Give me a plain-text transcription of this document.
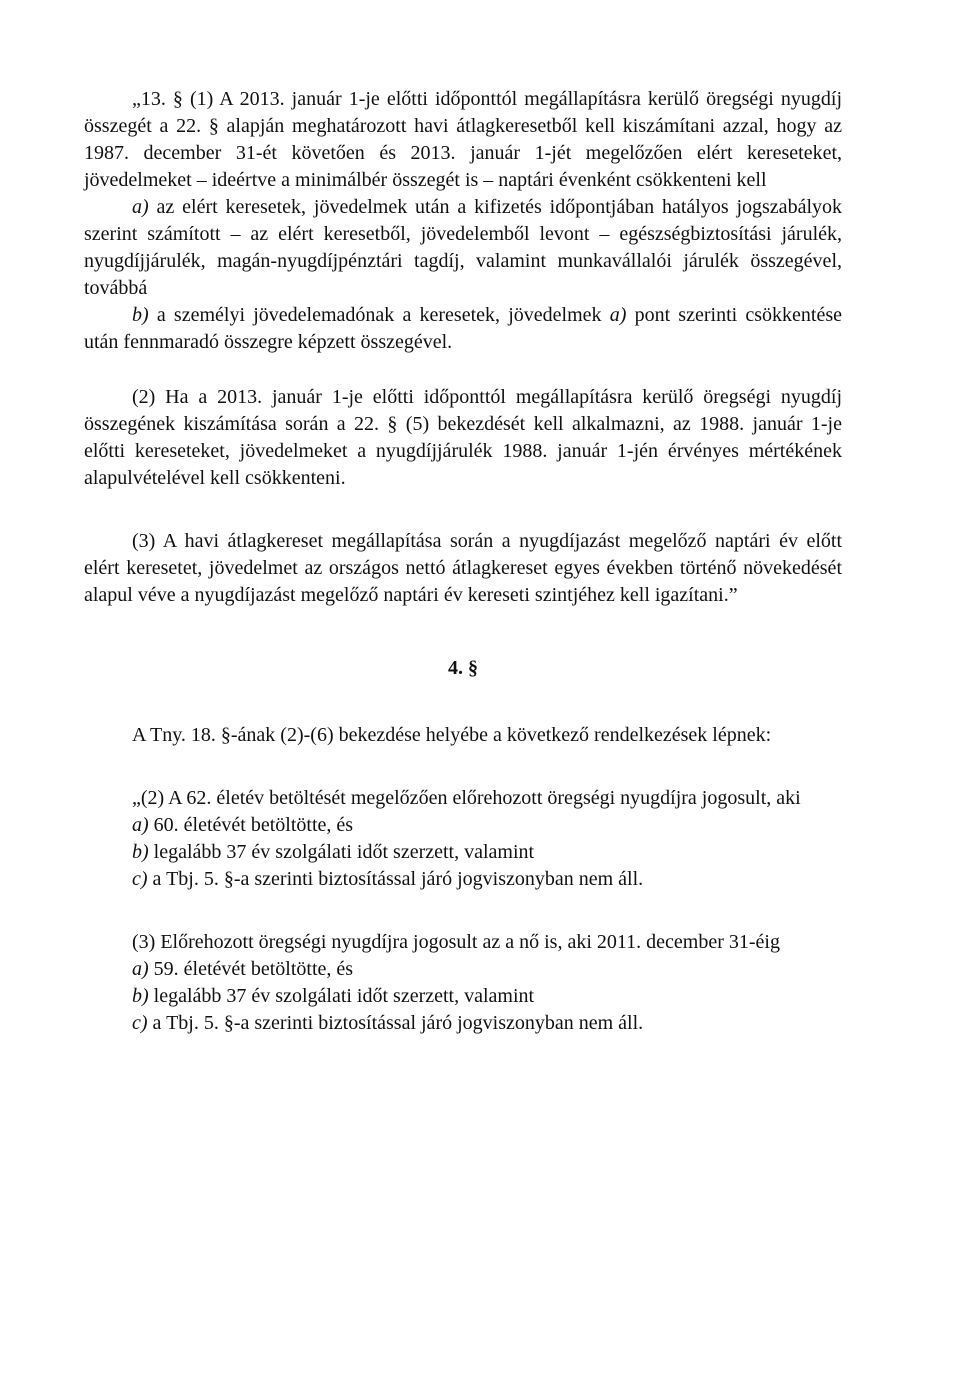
„13. § (1) A 2013. január 1-je előtti időponttól megállapításra kerülő öregségi nyugdíj összegét a 22. § alapján meghatározott havi átlagkeresetből kell kiszámítani azzal, hogy az 1987. december 31-ét követően és 2013. január 1-jét megelőzően elért kereseteket, jövedelmeket – ideértve a minimálbér összegét is – naptári évenként csökkenteni kell

a) az elért keresetek, jövedelmek után a kifizetés időpontjában hatályos jogszabályok szerint számított – az elért keresetből, jövedelemből levont – egészségbiztosítási járulék, nyugdíjjárulék, magán-nyugdíjpénztári tagdíj, valamint munkavállalói járulék összegével, továbbá

b) a személyi jövedelemadónak a keresetek, jövedelmek a) pont szerinti csökkentése után fennmaradó összegre képzett összegével.

(2) Ha a 2013. január 1-je előtti időponttól megállapításra kerülő öregségi nyugdíj összegének kiszámítása során a 22. § (5) bekezdését kell alkalmazni, az 1988. január 1-je előtti kereseteket, jövedelmeket a nyugdíjjárulék 1988. január 1-jén érvényes mértékének alapulvételével kell csökkenteni.

(3) A havi átlagkereset megállapítása során a nyugdíjazást megelőző naptári év előtt elért keresetet, jövedelmet az országos nettó átlagkereset egyes években történő növekedését alapul véve a nyugdíjazást megelőző naptári év kereseti szintjéhez kell igazítani.”

4. §

A Tny. 18. §-ának (2)-(6) bekezdése helyébe a következő rendelkezések lépnek:

„(2) A 62. életév betöltését megelőzően előrehozott öregségi nyugdíjra jogosult, aki

a) 60. életévét betöltötte, és

b) legalább 37 év szolgálati időt szerzett, valamint

c) a Tbj. 5. §-a szerinti biztosítással járó jogviszonyban nem áll.

(3) Előrehozott öregségi nyugdíjra jogosult az a nő is, aki 2011. december 31-éig

a) 59. életévét betöltötte, és

b) legalább 37 év szolgálati időt szerzett, valamint

c) a Tbj. 5. §-a szerinti biztosítással járó jogviszonyban nem áll.
